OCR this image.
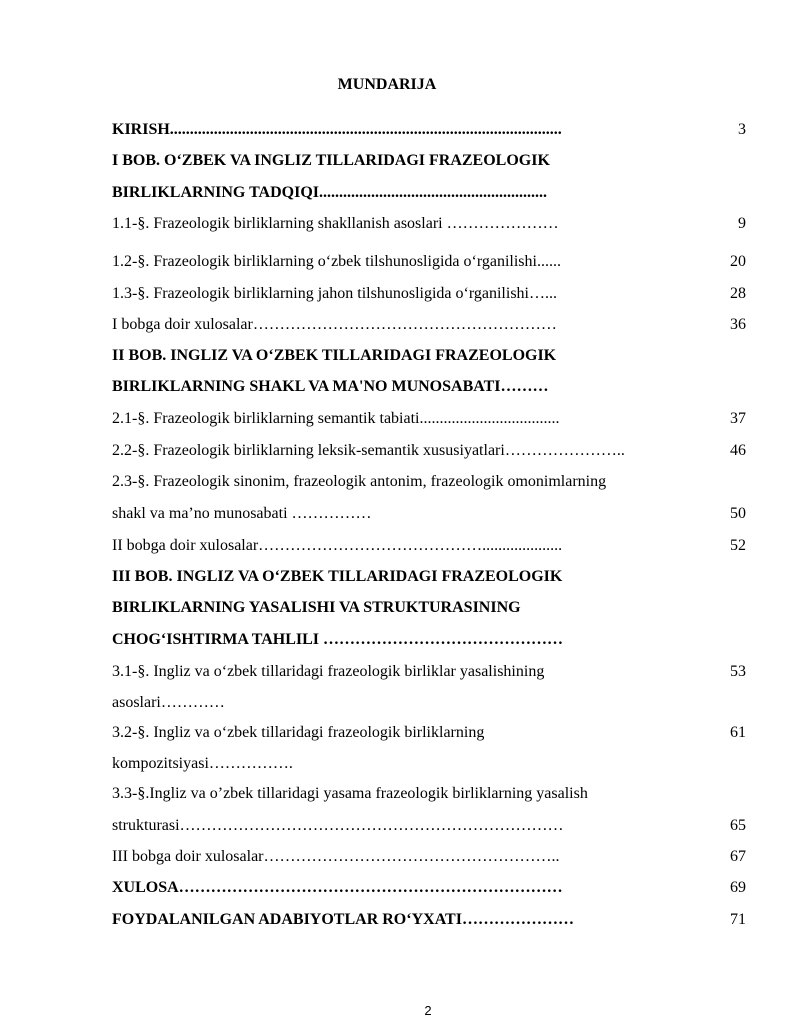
MUNDARIJA
KIRISH..................................................................................................	3
I BOB. O‘ZBEK VA INGLIZ TILLARIDAGI FRAZEOLOGIK
BIRLIKLARNING TADQIQI.........................................................
1.1-§. Frazeologik birliklarning shakllanish asoslari …………………	9
1.2-§. Frazeologik birliklarning o‘zbek tilshunosligida o‘rganilishi......	20
1.3-§. Frazeologik birliklarning jahon tilshunosligida o‘rganilishi…...	28
I bobga doir xulosalar…………………………………………………	36
II BOB. INGLIZ VA O‘ZBEK TILLARIDAGI FRAZEOLOGIK
BIRLIKLARNING SHAKL VA MA'NO MUNOSABATI………
2.1-§. Frazeologik birliklarning semantik tabiati...................................	37
2.2-§. Frazeologik birliklarning leksik-semantik xususiyatlari…………………..	46
2.3-§. Frazeologik sinonim, frazeologik antonim, frazeologik omonimlarning
shakl va ma’no munosabati ……………	50
II bobga doir xulosalar……………………………………....................	52
III BOB. INGLIZ VA O‘ZBEK TILLARIDAGI FRAZEOLOGIK
BIRLIKLARNING YASALISHI VA STRUKTURASINING
CHOG‘ISHTIRMA TAHLILI ………………………………………
3.1-§. Ingliz va o‘zbek tillaridagi frazeologik birliklar yasalishining	53
asoslari…………
3.2-§. Ingliz va o‘zbek tillaridagi frazeologik birliklarning	61
kompozitsiyasi…………….
3.3-§.Ingliz va o’zbek tillaridagi yasama frazeologik birliklarning yasalish
strukturasi………………………………………………………………	65
III bobga doir xulosalar………………………………………………..	67
XULOSA………………………………………………………………	69
FOYDALANILGAN ADABIYOTLAR RO‘YXATI…………………	71
2
